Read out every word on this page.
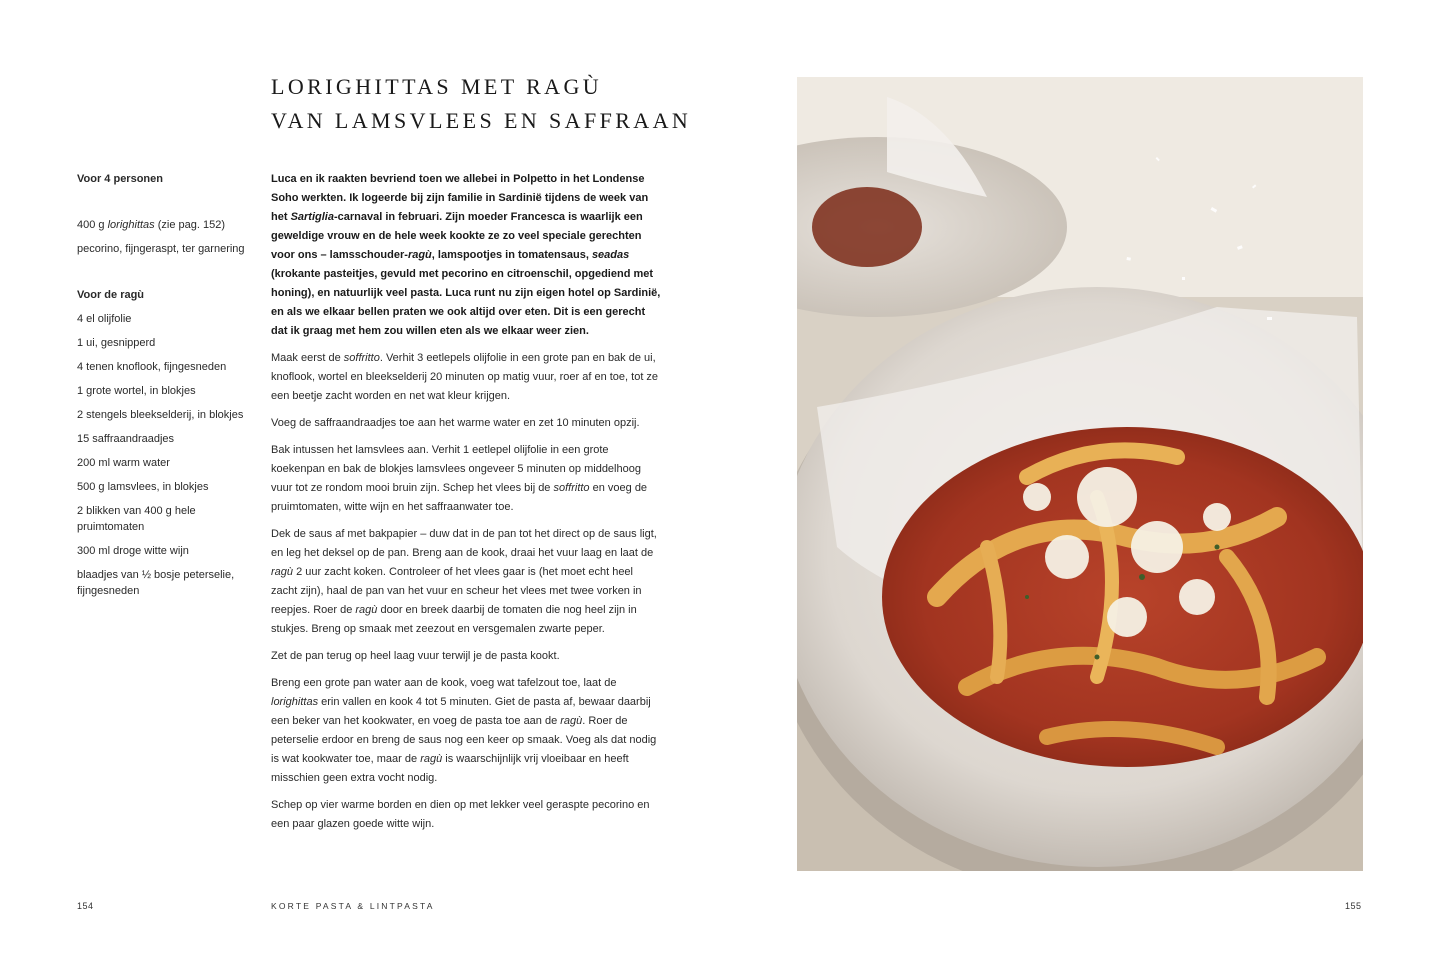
LORIGHITTAS MET RAGÙ
VAN LAMSVLEES EN SAFFRAAN

Voor 4 personen

400 g lorighittas (zie pag. 152)
pecorino, fijngeraspt, ter garnering

Voor de ragù

4 el olijfolie
1 ui, gesnipperd
4 tenen knoflook, fijngesneden
1 grote wortel, in blokjes
2 stengels bleekselderij, in blokjes
15 saffraandraadjes
200 ml warm water
500 g lamsvlees, in blokjes
2 blikken van 400 g hele pruimtomaten
300 ml droge witte wijn
blaadjes van ½ bosje peterselie, fijngesneden

Luca en ik raakten bevriend toen we allebei in Polpetto in het Londense Soho werkten. Ik logeerde bij zijn familie in Sardinië tijdens de week van het Sartiglia-carnaval in februari. Zijn moeder Francesca is waarlijk een geweldige vrouw en de hele week kookte ze zo veel speciale gerechten voor ons – lamsschouder-ragù, lamspootjes in tomatensaus, seadas (krokante pasteitjes, gevuld met pecorino en citroenschil, opgediend met honing), en natuurlijk veel pasta. Luca runt nu zijn eigen hotel op Sardinië, en als we elkaar bellen praten we ook altijd over eten. Dit is een gerecht dat ik graag met hem zou willen eten als we elkaar weer zien.

Maak eerst de soffritto. Verhit 3 eetlepels olijfolie in een grote pan en bak de ui, knoflook, wortel en bleekselderij 20 minuten op matig vuur, roer af en toe, tot ze een beetje zacht worden en net wat kleur krijgen.

Voeg de saffraandraadjes toe aan het warme water en zet 10 minuten opzij.

Bak intussen het lamsvlees aan. Verhit 1 eetlepel olijfolie in een grote koekenpan en bak de blokjes lamsvlees ongeveer 5 minuten op middelhoog vuur tot ze rondom mooi bruin zijn. Schep het vlees bij de soffritto en voeg de pruimtomaten, witte wijn en het saffraanwater toe.

Dek de saus af met bakpapier – duw dat in de pan tot het direct op de saus ligt, en leg het deksel op de pan. Breng aan de kook, draai het vuur laag en laat de ragù 2 uur zacht koken. Controleer of het vlees gaar is (het moet echt heel zacht zijn), haal de pan van het vuur en scheur het vlees met twee vorken in reepjes. Roer de ragù door en breek daarbij de tomaten die nog heel zijn in stukjes. Breng op smaak met zeezout en versgemalen zwarte peper.

Zet de pan terug op heel laag vuur terwijl je de pasta kookt.

Breng een grote pan water aan de kook, voeg wat tafelzout toe, laat de lorighittas erin vallen en kook 4 tot 5 minuten. Giet de pasta af, bewaar daarbij een beker van het kookwater, en voeg de pasta toe aan de ragù. Roer de peterselie erdoor en breng de saus nog een keer op smaak. Voeg als dat nodig is wat kookwater toe, maar de ragù is waarschijnlijk vrij vloeibaar en heeft misschien geen extra vocht nodig.

Schep op vier warme borden en dien op met lekker veel geraspte pecorino en een paar glazen goede witte wijn.

154	KORTE PASTA & LINTPASTA	155
